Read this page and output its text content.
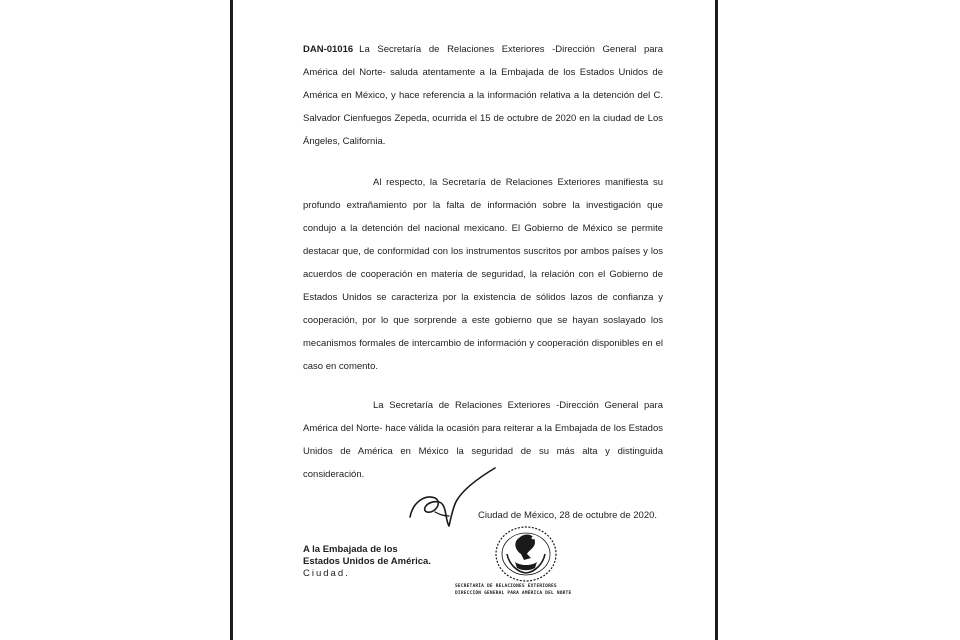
DAN-01016 La Secretaría de Relaciones Exteriores -Dirección General para América del Norte- saluda atentamente a la Embajada de los Estados Unidos de América en México, y hace referencia a la información relativa a la detención del C. Salvador Cienfuegos Zepeda, ocurrida el 15 de octubre de 2020 en la ciudad de Los Ángeles, California.

Al respecto, la Secretaría de Relaciones Exteriores manifiesta su profundo extrañamiento por la falta de información sobre la investigación que condujo a la detención del nacional mexicano. El Gobierno de México se permite destacar que, de conformidad con los instrumentos suscritos por ambos países y los acuerdos de cooperación en materia de seguridad, la relación con el Gobierno de Estados Unidos se caracteriza por la existencia de sólidos lazos de confianza y cooperación, por lo que sorprende a este gobierno que se hayan soslayado los mecanismos formales de intercambio de información y cooperación disponibles en el caso en comento.

La Secretaría de Relaciones Exteriores -Dirección General para América del Norte- hace válida la ocasión para reiterar a la Embajada de los Estados Unidos de América en México la seguridad de su más alta y distinguida consideración.

Ciudad de México, 28 de octubre de 2020.
A la Embajada de los
Estados Unidos de América.
Ciudad.
SECRETARÍA DE RELACIONES EXTERIORES
DIRECCIÓN GENERAL PARA AMÉRICA DEL NORTE
